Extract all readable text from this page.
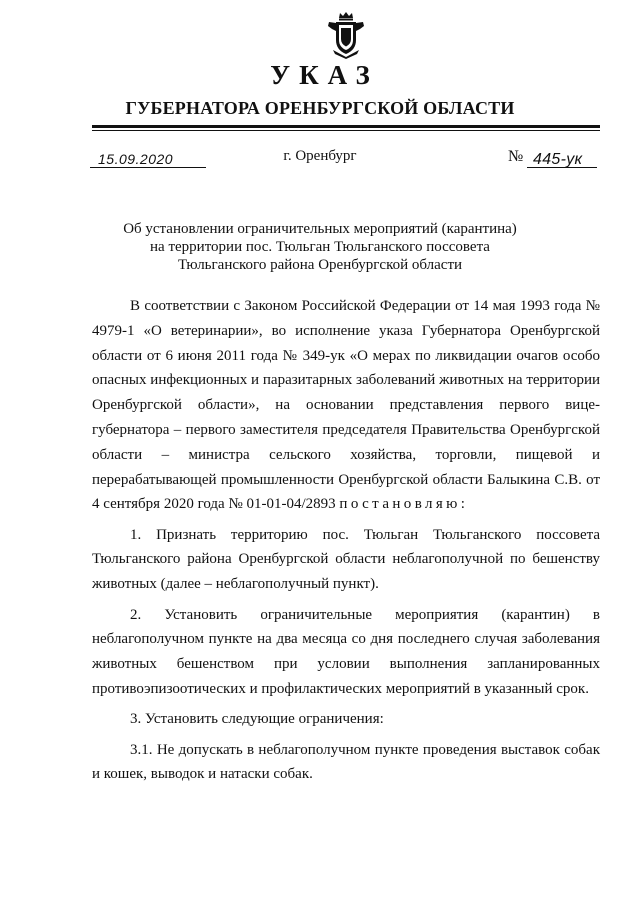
УКАЗ
ГУБЕРНАТОРА ОРЕНБУРГСКОЙ ОБЛАСТИ
15.09.2020	г. Оренбург	№ 445-ук
Об установлении ограничительных мероприятий (карантина)
на территории пос. Тюльган Тюльганского поссовета
Тюльганского района Оренбургской области

В соответствии с Законом Российской Федерации от 14 мая 1993 года № 4979-1 «О ветеринарии», во исполнение указа Губернатора Оренбургской области от 6 июня 2011 года № 349-ук «О мерах по ликвидации очагов особо опасных инфекционных и паразитарных заболеваний животных на территории Оренбургской области», на основании представления первого вице-губернатора – первого заместителя председателя Правительства Оренбургской области – министра сельского хозяйства, торговли, пищевой и перерабатывающей промышленности Оренбургской области Балыкина С.В. от 4 сентября 2020 года № 01-01-04/2893 постановляю:

1. Признать территорию пос. Тюльган Тюльганского поссовета Тюльганского района Оренбургской области неблагополучной по бешенству животных (далее – неблагополучный пункт).

2. Установить ограничительные мероприятия (карантин) в неблагополучном пункте на два месяца со дня последнего случая заболевания животных бешенством при условии выполнения запланированных противоэпизоотических и профилактических мероприятий в указанный срок.

3. Установить следующие ограничения:

3.1. Не допускать в неблагополучном пункте проведения выставок собак и кошек, выводок и натаски собак.
